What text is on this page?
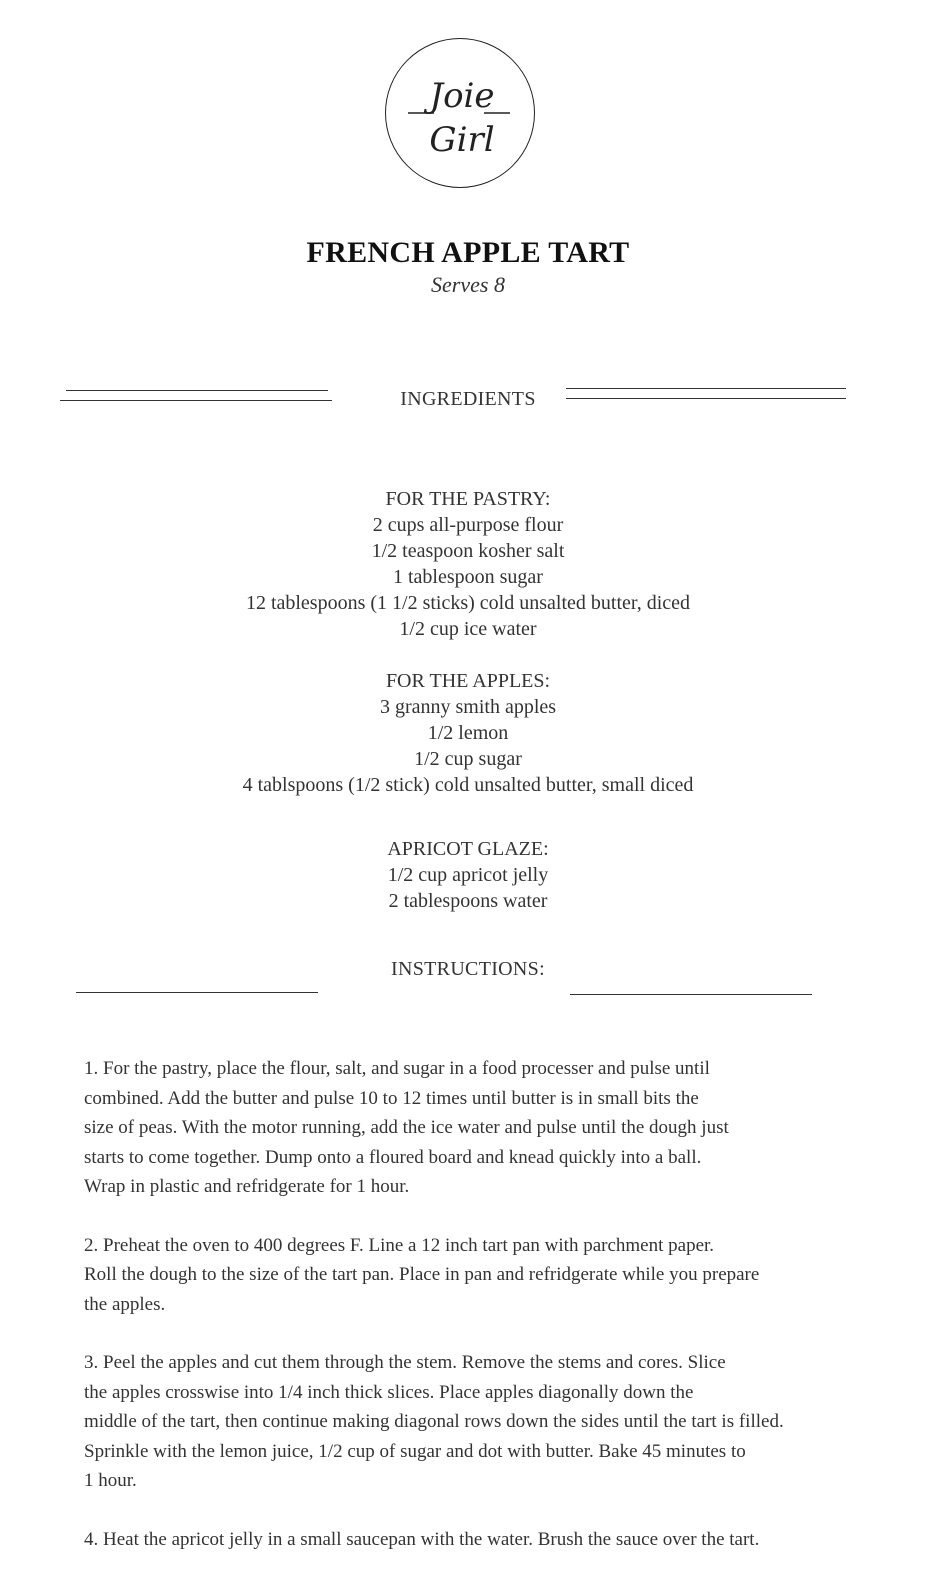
Joie
Girl
FRENCH APPLE TART
Serves 8
INGREDIENTS
FOR THE PASTRY:
2 cups all-purpose flour
1/2 teaspoon kosher salt
1 tablespoon sugar
12 tablespoons (1 1/2 sticks) cold unsalted butter, diced
1/2 cup ice water
FOR THE APPLES:
3 granny smith apples
1/2 lemon
1/2 cup sugar
4 tablspoons (1/2 stick) cold unsalted butter, small diced
APRICOT GLAZE:
1/2 cup apricot jelly
2 tablespoons water
INSTRUCTIONS:

1. For the pastry, place the flour, salt, and sugar in a food processer and pulse until
combined. Add the butter and pulse 10 to 12 times until butter is in small bits the
size of peas. With the motor running, add the ice water and pulse until the dough just
starts to come together. Dump onto a floured board and knead quickly into a ball.
Wrap in plastic and refridgerate for 1 hour.

2. Preheat the oven to 400 degrees F. Line a 12 inch tart pan with parchment paper.
Roll the dough to the size of the tart pan. Place in pan and refridgerate while you prepare
the apples.

3. Peel the apples and cut them through the stem. Remove the stems and cores. Slice
the apples crosswise into 1/4 inch thick slices. Place apples diagonally down the
middle of the tart, then continue making diagonal rows down the sides until the tart is filled.
Sprinkle with the lemon juice, 1/2 cup of sugar and dot with butter. Bake 45 minutes to
1 hour.

4. Heat the apricot jelly in a small saucepan with the water. Brush the sauce over the tart.
